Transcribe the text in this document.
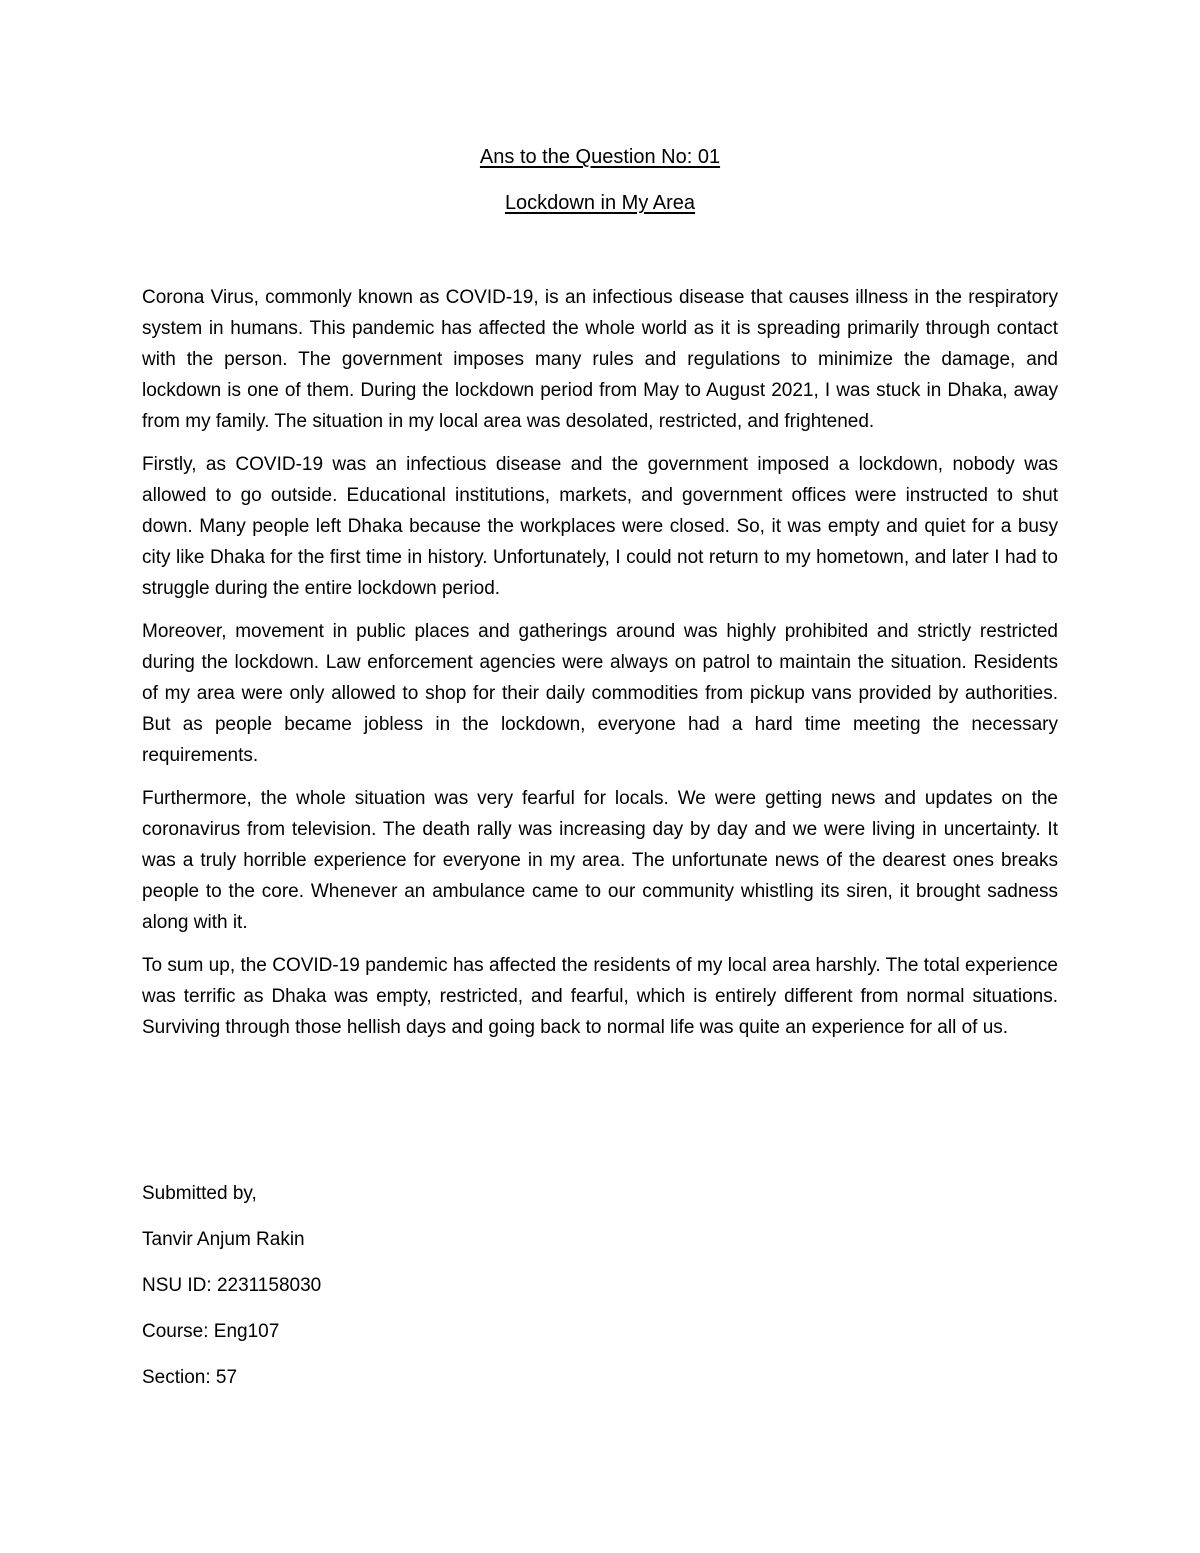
Ans to the Question No: 01
Lockdown in My Area

Corona Virus, commonly known as COVID-19, is an infectious disease that causes illness in the respiratory system in humans. This pandemic has affected the whole world as it is spreading primarily through contact with the person. The government imposes many rules and regulations to minimize the damage, and lockdown is one of them. During the lockdown period from May to August 2021, I was stuck in Dhaka, away from my family. The situation in my local area was desolated, restricted, and frightened.

Firstly, as COVID-19 was an infectious disease and the government imposed a lockdown, nobody was allowed to go outside. Educational institutions, markets, and government offices were instructed to shut down. Many people left Dhaka because the workplaces were closed. So, it was empty and quiet for a busy city like Dhaka for the first time in history. Unfortunately, I could not return to my hometown, and later I had to struggle during the entire lockdown period.

Moreover, movement in public places and gatherings around was highly prohibited and strictly restricted during the lockdown. Law enforcement agencies were always on patrol to maintain the situation. Residents of my area were only allowed to shop for their daily commodities from pickup vans provided by authorities. But as people became jobless in the lockdown, everyone had a hard time meeting the necessary requirements.

Furthermore, the whole situation was very fearful for locals. We were getting news and updates on the coronavirus from television. The death rally was increasing day by day and we were living in uncertainty. It was a truly horrible experience for everyone in my area. The unfortunate news of the dearest ones breaks people to the core. Whenever an ambulance came to our community whistling its siren, it brought sadness along with it.

To sum up, the COVID-19 pandemic has affected the residents of my local area harshly. The total experience was terrific as Dhaka was empty, restricted, and fearful, which is entirely different from normal situations. Surviving through those hellish days and going back to normal life was quite an experience for all of us.

Submitted by,
Tanvir Anjum Rakin
NSU ID: 2231158030
Course: Eng107
Section: 57
